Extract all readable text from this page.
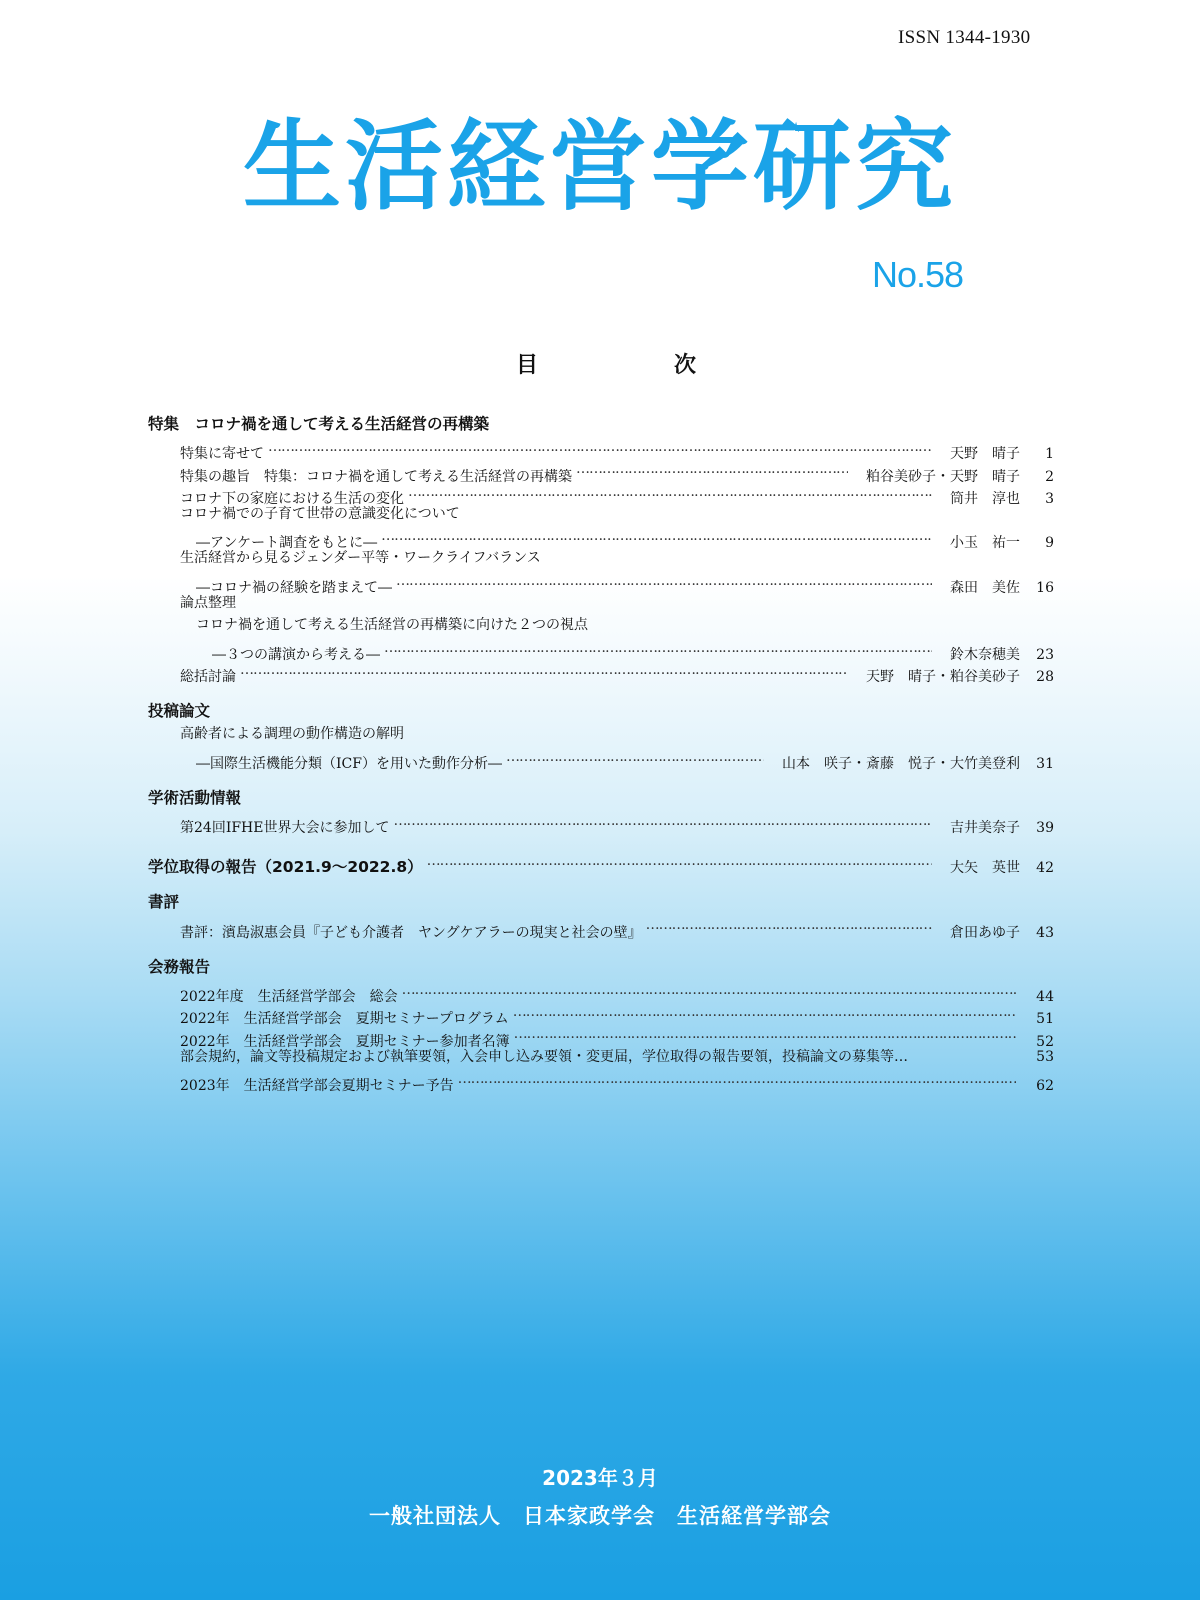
ISSN 1344-1930
生活経営学研究
No.58
目	次
特集　コロナ禍を通して考える生活経営の再構築
特集に寄せて ……………………………………………………………………………………………………………………………………………………………………………………………………………………………………………………………	天野　晴子	1
特集の趣旨　特集：コロナ禍を通して考える生活経営の再構築 ……………………………………………………………………………………………………………………………………………………………………………………………………………………………………………………………	粕谷美砂子・天野　晴子	2
コロナ下の家庭における生活の変化 ……………………………………………………………………………………………………………………………………………………………………………………………………………………………………………………………	筒井　淳也	3
コロナ禍での子育て世帯の意識変化について
―アンケート調査をもとに― ……………………………………………………………………………………………………………………………………………………………………………………………………………………………………………………………	小玉　祐一	9
生活経営から見るジェンダー平等・ワークライフバランス
―コロナ禍の経験を踏まえて― ……………………………………………………………………………………………………………………………………………………………………………………………………………………………………………………………	森田　美佐	16
論点整理
コロナ禍を通して考える生活経営の再構築に向けた２つの視点
―３つの講演から考える― ……………………………………………………………………………………………………………………………………………………………………………………………………………………………………………………………	鈴木奈穂美	23
総括討論 ……………………………………………………………………………………………………………………………………………………………………………………………………………………………………………………………	天野　晴子・粕谷美砂子	28
投稿論文
高齢者による調理の動作構造の解明
―国際生活機能分類（ICF）を用いた動作分析― ……………………………………………………………………………………………………………………………………………………………………………………………………………………………………………………………	山本　咲子・斎藤　悦子・大竹美登利	31
学術活動情報
第24回IFHE世界大会に参加して ……………………………………………………………………………………………………………………………………………………………………………………………………………………………………………………………	吉井美奈子	39
学位取得の報告（2021.9～2022.8） ……………………………………………………………………………………………………………………………………………………………………………………………………………………………………………………………	大矢　英世	42
書評
書評：濱島淑惠会員『子ども介護者　ヤングケアラーの現実と社会の壁』 ……………………………………………………………………………………………………………………………………………………………………………………………………………………………………………………………	倉田あゆ子	43
会務報告
2022年度　生活経営学部会　総会 ……………………………………………………………………………………………………………………………………………………………………………………………………………………………………………………………	44
2022年　生活経営学部会　夏期セミナープログラム ……………………………………………………………………………………………………………………………………………………………………………………………………………………………………………………………	51
2022年　生活経営学部会　夏期セミナー参加者名簿 ……………………………………………………………………………………………………………………………………………………………………………………………………………………………………………………………	52
部会規約，論文等投稿規定および執筆要領，入会申し込み要領・変更届，学位取得の報告要領，投稿論文の募集等…	53
2023年　生活経営学部会夏期セミナー予告 ……………………………………………………………………………………………………………………………………………………………………………………………………………………………………………………………	62
2023年３月
一般社団法人　日本家政学会　生活経営学部会
